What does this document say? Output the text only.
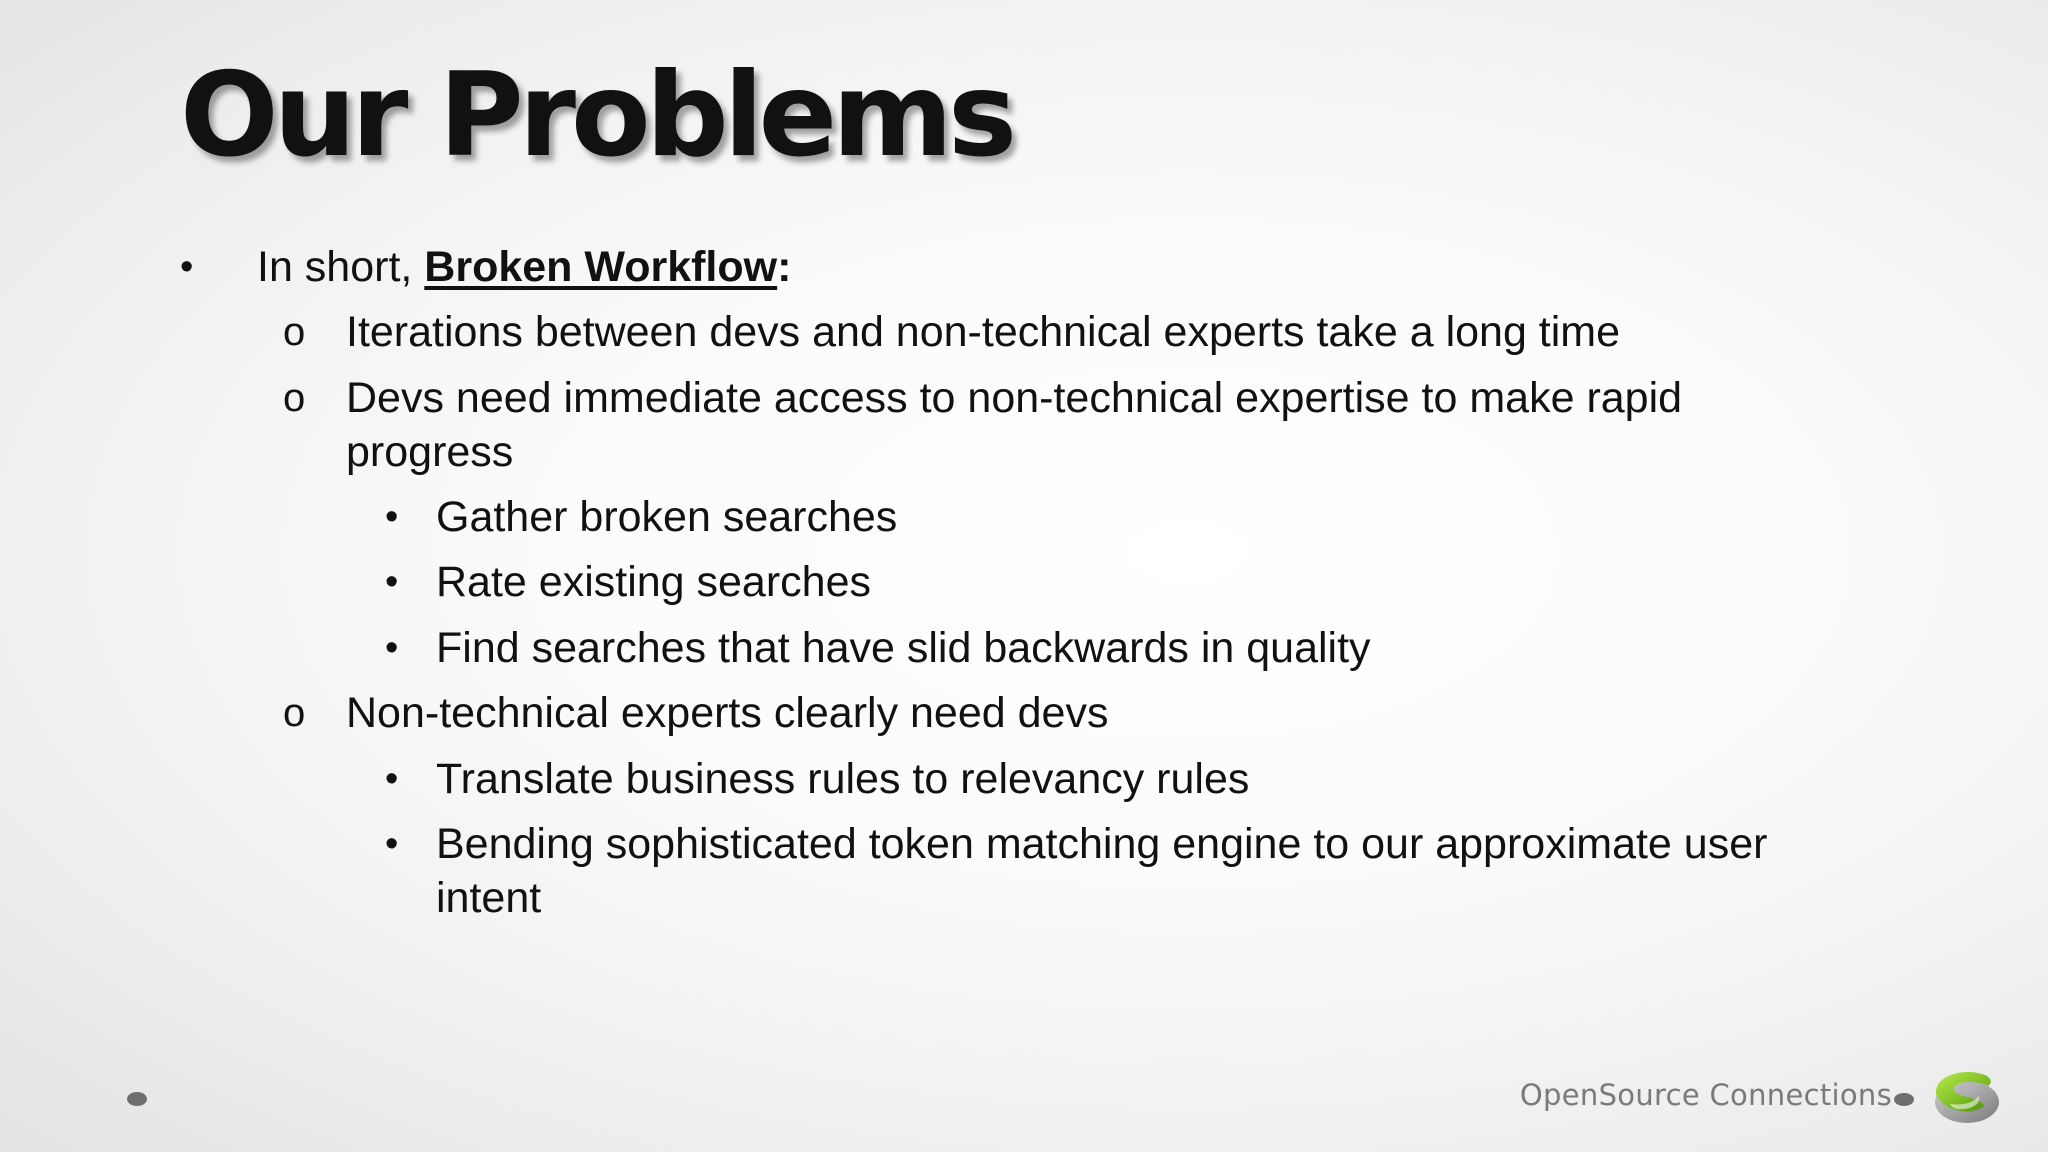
Our Problems
• In short, Broken Workflow:
o Iterations between devs and non-technical experts take a long time
o Devs need immediate access to non-technical expertise to make rapid
progress
• Gather broken searches
• Rate existing searches
• Find searches that have slid backwards in quality
o Non-technical experts clearly need devs
• Translate business rules to relevancy rules
• Bending sophisticated token matching engine to our approximate user
intent
OpenSource Connections
